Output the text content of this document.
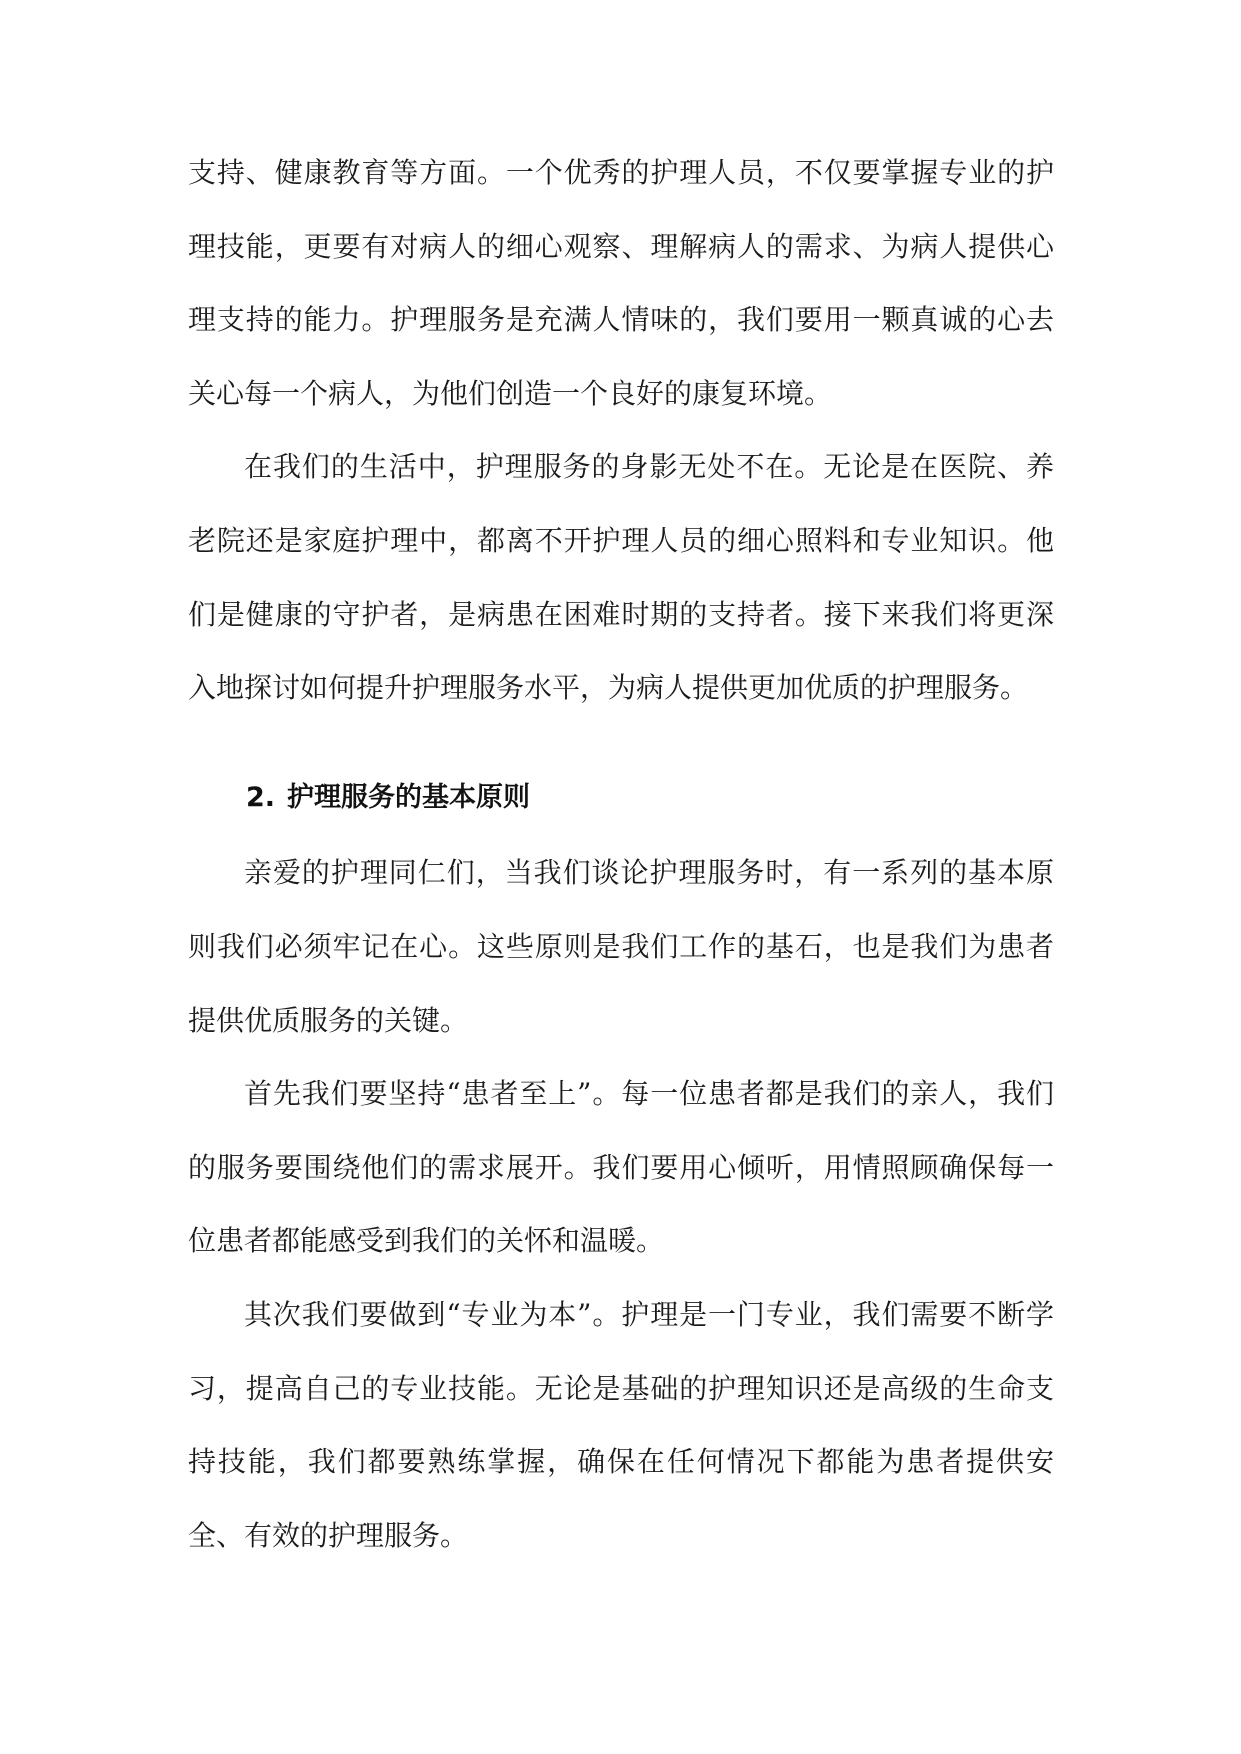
支持、健康教育等方面。一个优秀的护理人员，不仅要掌握专业的护理技能，更要有对病人的细心观察、理解病人的需求、为病人提供心理支持的能力。护理服务是充满人情味的，我们要用一颗真诚的心去关心每一个病人，为他们创造一个良好的康复环境。

在我们的生活中，护理服务的身影无处不在。无论是在医院、养老院还是家庭护理中，都离不开护理人员的细心照料和专业知识。他们是健康的守护者，是病患在困难时期的支持者。接下来我们将更深入地探讨如何提升护理服务水平，为病人提供更加优质的护理服务。

2. 护理服务的基本原则

亲爱的护理同仁们，当我们谈论护理服务时，有一系列的基本原则我们必须牢记在心。这些原则是我们工作的基石，也是我们为患者提供优质服务的关键。

首先我们要坚持“患者至上”。每一位患者都是我们的亲人，我们的服务要围绕他们的需求展开。我们要用心倾听，用情照顾确保每一位患者都能感受到我们的关怀和温暖。

其次我们要做到“专业为本”。护理是一门专业，我们需要不断学习，提高自己的专业技能。无论是基础的护理知识还是高级的生命支持技能，我们都要熟练掌握，确保在任何情况下都能为患者提供安全、有效的护理服务。
